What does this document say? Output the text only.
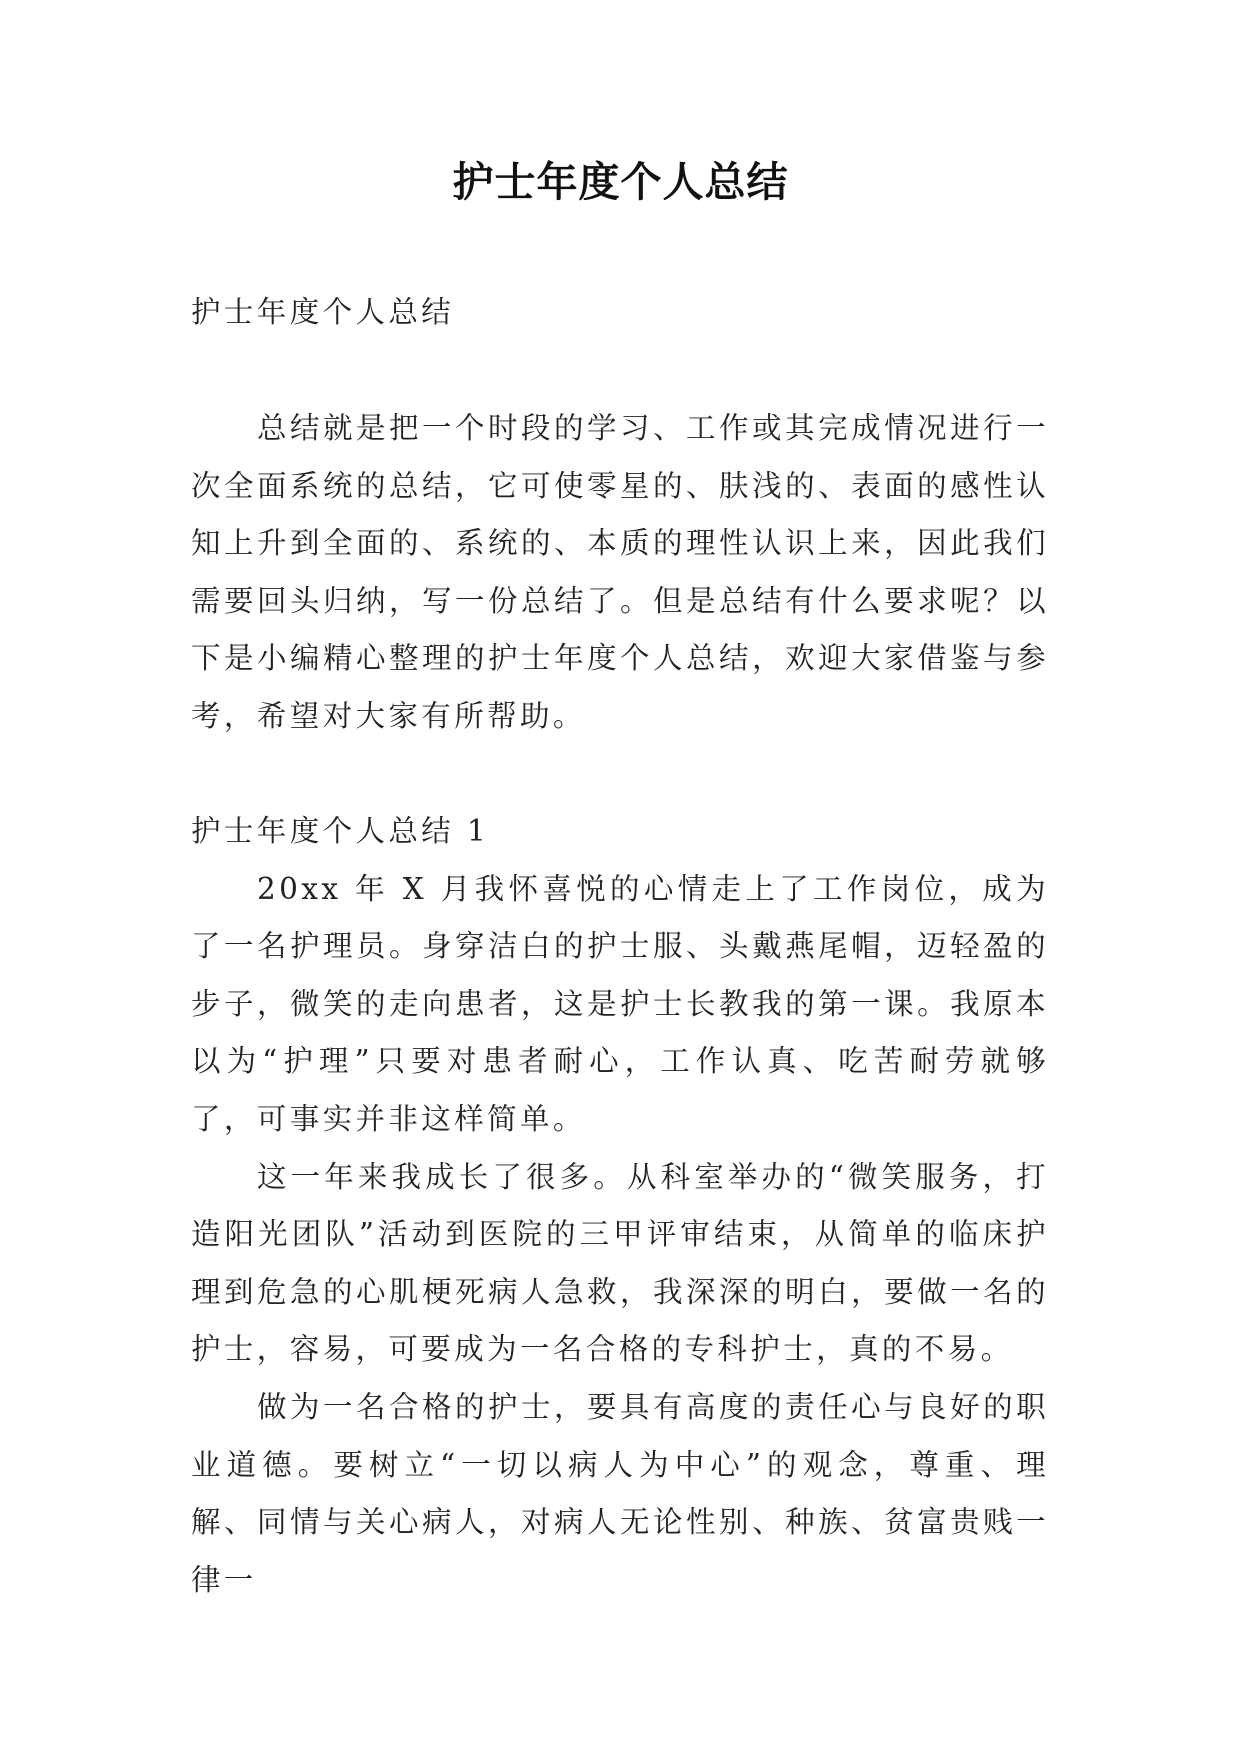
护士年度个人总结
护士年度个人总结

总结就是把一个时段的学习、工作或其完成情况进行一次全面系统的总结，它可使零星的、肤浅的、表面的感性认知上升到全面的、系统的、本质的理性认识上来，因此我们需要回头归纳，写一份总结了。但是总结有什么要求呢？以下是小编精心整理的护士年度个人总结，欢迎大家借鉴与参考，希望对大家有所帮助。

护士年度个人总结 1

20xx 年 X 月我怀喜悦的心情走上了工作岗位，成为了一名护理员。身穿洁白的护士服、头戴燕尾帽，迈轻盈的步子，微笑的走向患者，这是护士长教我的第一课。我原本以为“护理”只要对患者耐心，工作认真、吃苦耐劳就够了，可事实并非这样简单。

这一年来我成长了很多。从科室举办的“微笑服务，打造阳光团队”活动到医院的三甲评审结束，从简单的临床护理到危急的心肌梗死病人急救，我深深的明白，要做一名的护士，容易，可要成为一名合格的专科护士，真的不易。

做为一名合格的护士，要具有高度的责任心与良好的职业道德。要树立“一切以病人为中心”的观念，尊重、理解、同情与关心病人，对病人无论性别、种族、贫富贵贱一律一
